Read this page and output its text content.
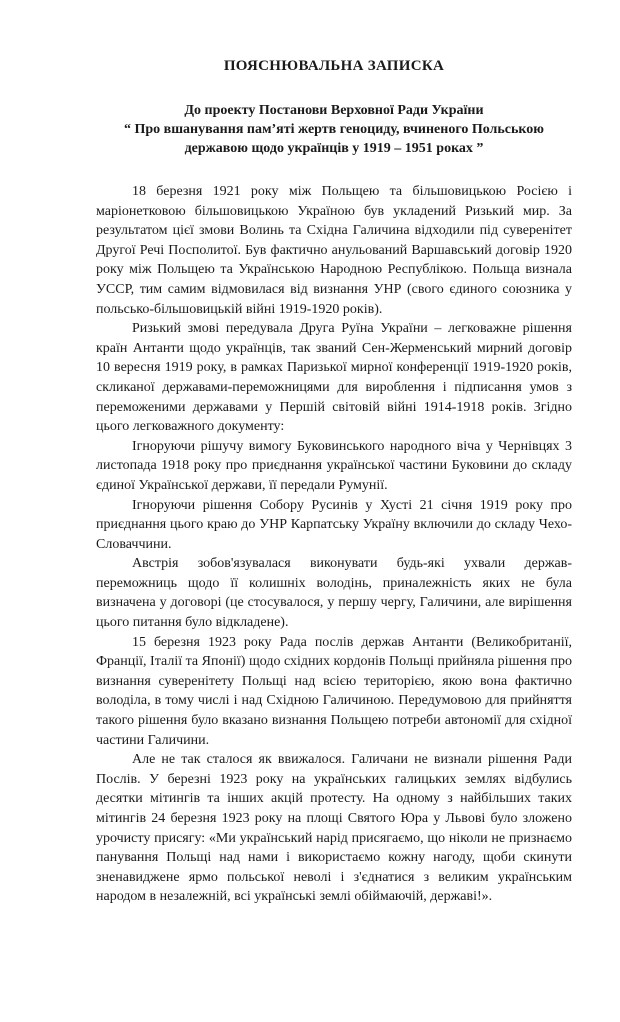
ПОЯСНЮВАЛЬНА ЗАПИСКА
До проекту Постанови Верховної Ради України
“ Про вшанування пам’яті жертв геноциду, вчиненого Польською
державою щодо українців у 1919 – 1951 роках ”

18 березня 1921 року між Польщею та більшовицькою Росією і маріонетковою більшовицькою Україною був укладений Ризький мир. За результатом цієї змови Волинь та Східна Галичина відходили під суверенітет Другої Речі Посполитої. Був фактично анульований Варшавський договір 1920 року між Польщею та Українською Народною Республікою. Польща визнала УССР, тим самим відмовилася від визнання УНР (свого єдиного союзника у польсько-більшовицькій війні 1919-1920 років).

Ризький змові передувала Друга Руїна України – легковажне рішення країн Антанти щодо українців, так званий Сен-Жерменський мирний договір 10 вересня 1919 року, в рамках Паризької мирної конференції 1919-1920 років, скликаної державами-переможницями для вироблення і підписання умов з переможеними державами у Першій світовій війні 1914-1918 років. Згідно цього легковажного документу:

Ігноруючи рішучу вимогу Буковинського народного віча у Чернівцях 3 листопада 1918 року про приєднання української частини Буковини до складу єдиної Української держави, її передали Румунії.

Ігноруючи рішення Собору Русинів у Хусті 21 січня 1919 року про приєднання цього краю до УНР Карпатську Україну включили до складу Чехо-Словаччини.

Австрія зобов'язувалася виконувати будь-які ухвали держав-переможниць щодо її колишніх володінь, приналежність яких не була визначена у договорі (це стосувалося, у першу чергу, Галичини, але вирішення цього питання було відкладене).

15 березня 1923 року Рада послів держав Антанти (Великобританії, Франції, Італії та Японії) щодо східних кордонів Польщі прийняла рішення про визнання суверенітету Польщі над всією територією, якою вона фактично володіла, в тому числі і над Східною Галичиною. Передумовою для прийняття такого рішення було вказано визнання Польщею потреби автономії для східної частини Галичини.

Але не так сталося як ввижалося. Галичани не визнали рішення Ради Послів. У березні 1923 року на українських галицьких землях відбулись десятки мітингів та інших акцій протесту. На одному з найбільших таких мітингів 24 березня 1923 року на площі Святого Юра у Львові було зложено урочисту присягу: «Ми український нарід присягаємо, що ніколи не признаємо панування Польщі над нами і використаємо кожну нагоду, щоби скинути зненавиджене ярмо польської неволі і з'єднатися з великим українським народом в незалежній, всі українські землі обіймаючій, державі!».
